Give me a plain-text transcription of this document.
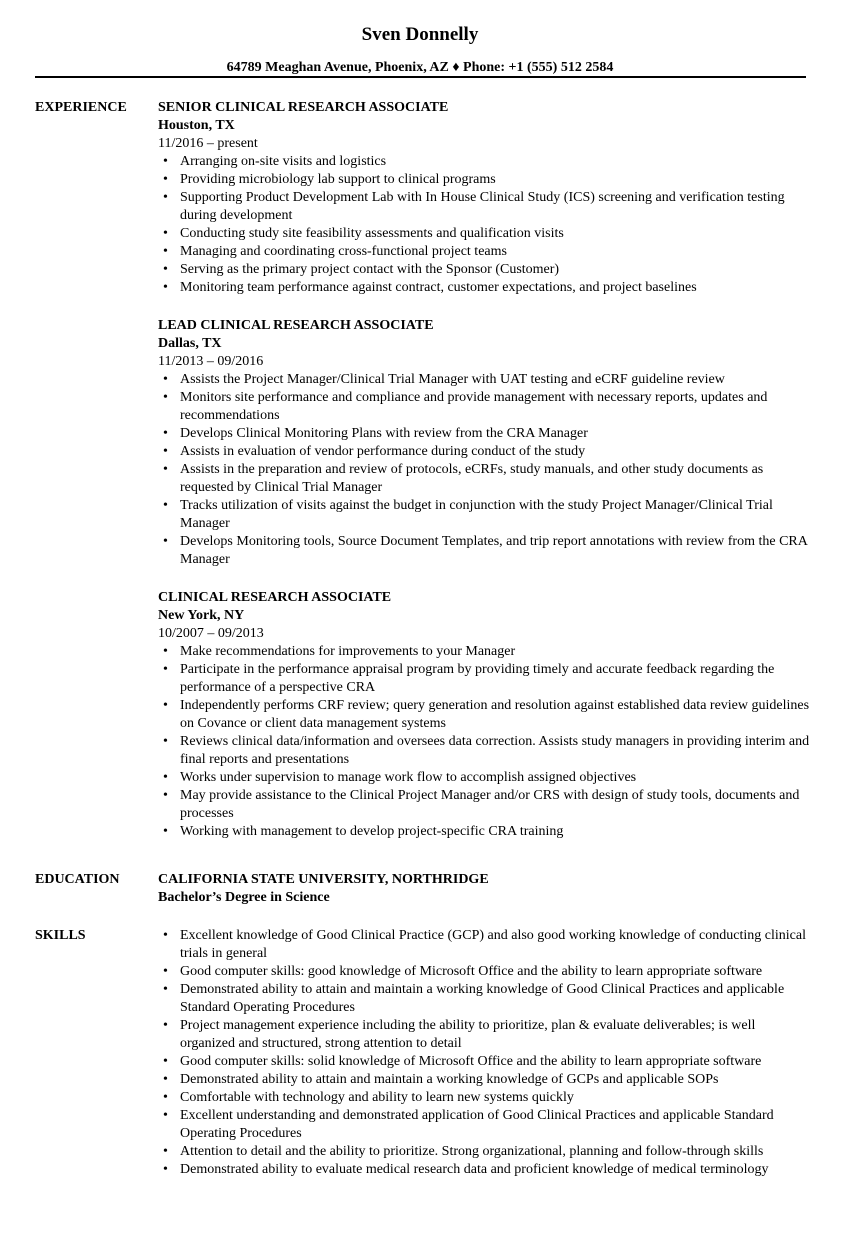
Sven Donnelly
64789 Meaghan Avenue, Phoenix, AZ ♦ Phone: +1 (555) 512 2584
EXPERIENCE SENIOR CLINICAL RESEARCH ASSOCIATE
Houston, TX
11/2016 – present
• Arranging on-site visits and logistics
• Providing microbiology lab support to clinical programs
• Supporting Product Development Lab with In House Clinical Study (ICS) screening and verification testing during development
• Conducting study site feasibility assessments and qualification visits
• Managing and coordinating cross-functional project teams
• Serving as the primary project contact with the Sponsor (Customer)
• Monitoring team performance against contract, customer expectations, and project baselines
LEAD CLINICAL RESEARCH ASSOCIATE
Dallas, TX
11/2013 – 09/2016
• Assists the Project Manager/Clinical Trial Manager with UAT testing and eCRF guideline review
• Monitors site performance and compliance and provide management with necessary reports, updates and recommendations
• Develops Clinical Monitoring Plans with review from the CRA Manager
• Assists in evaluation of vendor performance during conduct of the study
• Assists in the preparation and review of protocols, eCRFs, study manuals, and other study documents as requested by Clinical Trial Manager
• Tracks utilization of visits against the budget in conjunction with the study Project Manager/Clinical Trial Manager
• Develops Monitoring tools, Source Document Templates, and trip report annotations with review from the CRA Manager
CLINICAL RESEARCH ASSOCIATE
New York, NY
10/2007 – 09/2013
• Make recommendations for improvements to your Manager
• Participate in the performance appraisal program by providing timely and accurate feedback regarding the performance of a perspective CRA
• Independently performs CRF review; query generation and resolution against established data review guidelines on Covance or client data management systems
• Reviews clinical data/information and oversees data correction. Assists study managers in providing interim and final reports and presentations
• Works under supervision to manage work flow to accomplish assigned objectives
• May provide assistance to the Clinical Project Manager and/or CRS with design of study tools, documents and processes
• Working with management to develop project-specific CRA training
EDUCATION	CALIFORNIA STATE UNIVERSITY, NORTHRIDGE
Bachelor’s Degree in Science
SKILLS	• Excellent knowledge of Good Clinical Practice (GCP) and also good working knowledge of conducting clinical trials in general
• Good computer skills: good knowledge of Microsoft Office and the ability to learn appropriate software
• Demonstrated ability to attain and maintain a working knowledge of Good Clinical Practices and applicable Standard Operating Procedures
• Project management experience including the ability to prioritize, plan & evaluate deliverables; is well organized and structured, strong attention to detail
• Good computer skills: solid knowledge of Microsoft Office and the ability to learn appropriate software
• Demonstrated ability to attain and maintain a working knowledge of GCPs and applicable SOPs
• Comfortable with technology and ability to learn new systems quickly
• Excellent understanding and demonstrated application of Good Clinical Practices and applicable Standard Operating Procedures
• Attention to detail and the ability to prioritize. Strong organizational, planning and follow-through skills
• Demonstrated ability to evaluate medical research data and proficient knowledge of medical terminology
